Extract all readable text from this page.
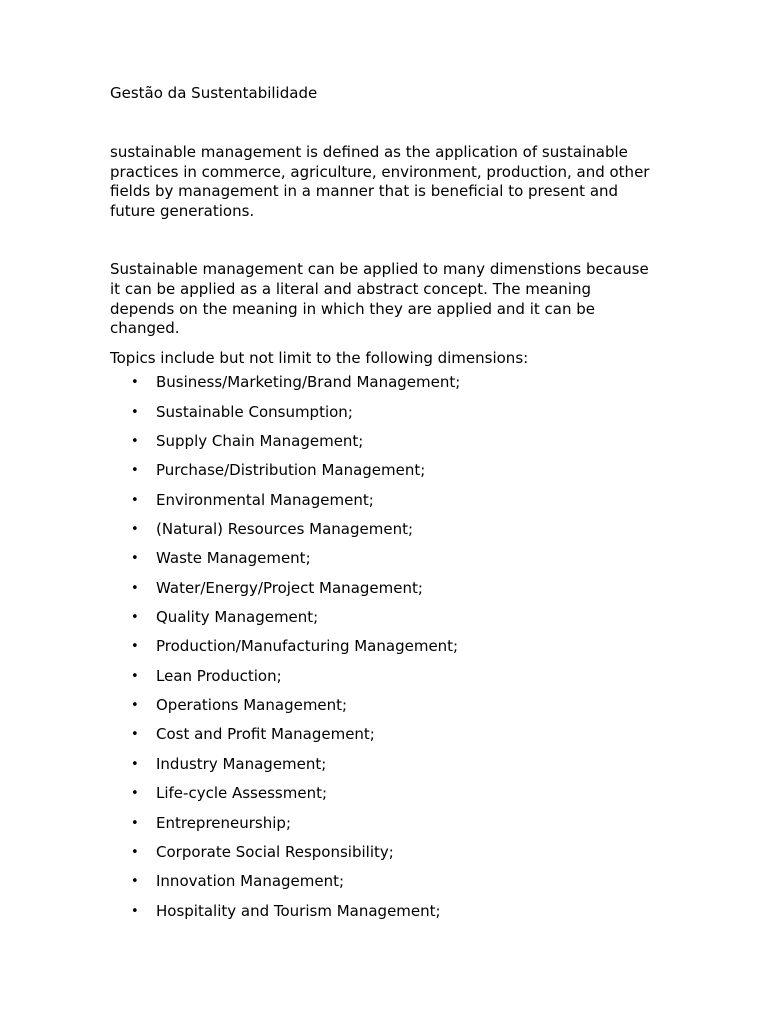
Gestão da Sustentabilidade

sustainable management is defined as the application of sustainable practices in commerce, agriculture, environment, production, and other fields by management in a manner that is beneficial to present and future generations.

Sustainable management can be applied to many dimenstions because it can be applied as a literal and abstract concept. The meaning depends on the meaning in which they are applied and it can be changed.

Topics include but not limit to the following dimensions:

• Business/Marketing/Brand Management;
• Sustainable Consumption;
• Supply Chain Management;
• Purchase/Distribution Management;
• Environmental Management;
• (Natural) Resources Management;
• Waste Management;
• Water/Energy/Project Management;
• Quality Management;
• Production/Manufacturing Management;
• Lean Production;
• Operations Management;
• Cost and Profit Management;
• Industry Management;
• Life-cycle Assessment;
• Entrepreneurship;
• Corporate Social Responsibility;
• Innovation Management;
• Hospitality and Tourism Management;
